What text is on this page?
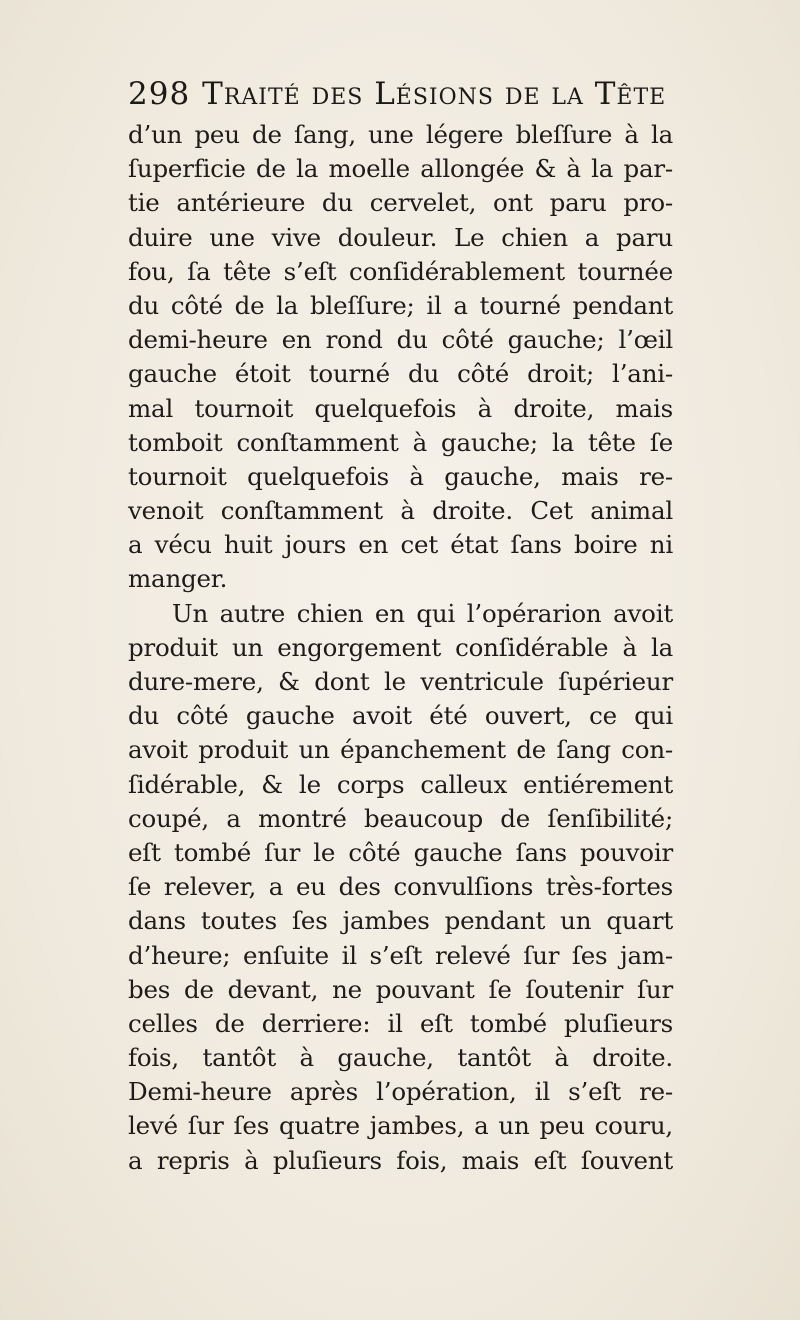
298 Traité des Lésions de la Tête
d’un peu de ſang, une légere bleſſure à la
ſuperficie de la moelle allongée & à la par-
tie antérieure du cervelet, ont paru pro-
duire une vive douleur. Le chien a paru
fou, ſa tête s’eſt conſidérablement tournée
du côté de la bleſſure; il a tourné pendant
demi-heure en rond du côté gauche; l’œil
gauche étoit tourné du côté droit; l’ani-
mal tournoit quelquefois à droite, mais
tomboit conſtamment à gauche; la tête ſe
tournoit quelquefois à gauche, mais re-
venoit conſtamment à droite. Cet animal
a vécu huit jours en cet état ſans boire ni
manger.
Un autre chien en qui l’opérarion avoit
produit un engorgement conſidérable à la
dure-mere, & dont le ventricule ſupérieur
du côté gauche avoit été ouvert, ce qui
avoit produit un épanchement de ſang con-
ſidérable, & le corps calleux entiérement
coupé, a montré beaucoup de ſenſibilité;
eſt tombé ſur le côté gauche ſans pouvoir
ſe relever, a eu des convulſions très-fortes
dans toutes ſes jambes pendant un quart
d’heure; enſuite il s’eſt relevé ſur ſes jam-
bes de devant, ne pouvant ſe ſoutenir ſur
celles de derriere: il eſt tombé pluſieurs
fois, tantôt à gauche, tantôt à droite.
Demi-heure après l’opération, il s’eſt re-
levé ſur ſes quatre jambes, a un peu couru,
a repris à pluſieurs fois, mais eſt ſouvent
